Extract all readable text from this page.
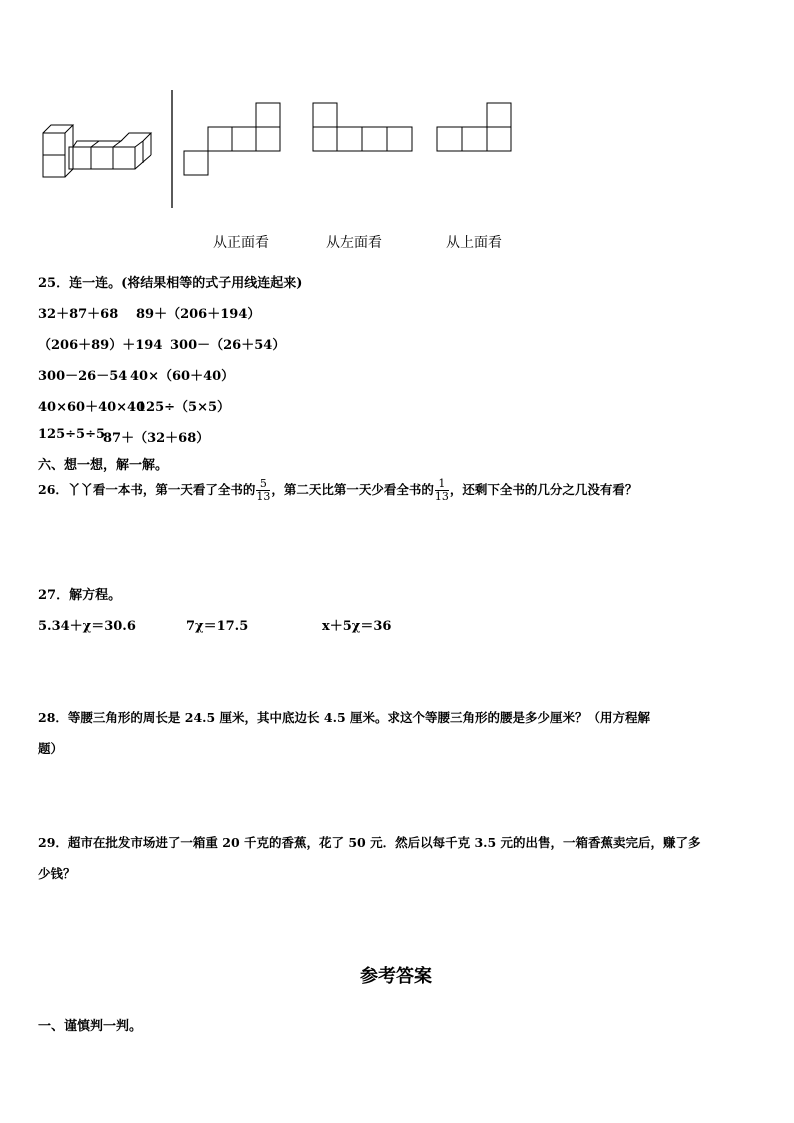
从正面看	从左面看	从上面看
25．连一连。(将结果相等的式子用线连起来)
32＋87＋68 89＋（206＋194）
（206＋89）＋194 300－（26＋54）
300－26－54 40×（60＋40）
40×60＋40×40
125÷（5×5）
125÷5÷5
87＋（32＋68）
六、想一想，解一解。
26．丫丫看一本书，第一天看了全书的 $\frac{5}{13}$ ，第二天比第一天少看全书的 $\frac{1}{13}$ ，还剩下全书的几分之几没有看？
27．解方程。
5.34＋χ＝30.6	7χ＝17.5	x＋5χ＝36
28．等腰三角形的周长是 24.5 厘米，其中底边长 4.5 厘米。求这个等腰三角形的腰是多少厘米？（用方程解
题）
29．超市在批发市场进了一箱重 20 千克的香蕉，花了 50 元．然后以每千克 3.5 元的出售，一箱香蕉卖完后，赚了多
少钱？
参考答案
一、谨慎判一判。
